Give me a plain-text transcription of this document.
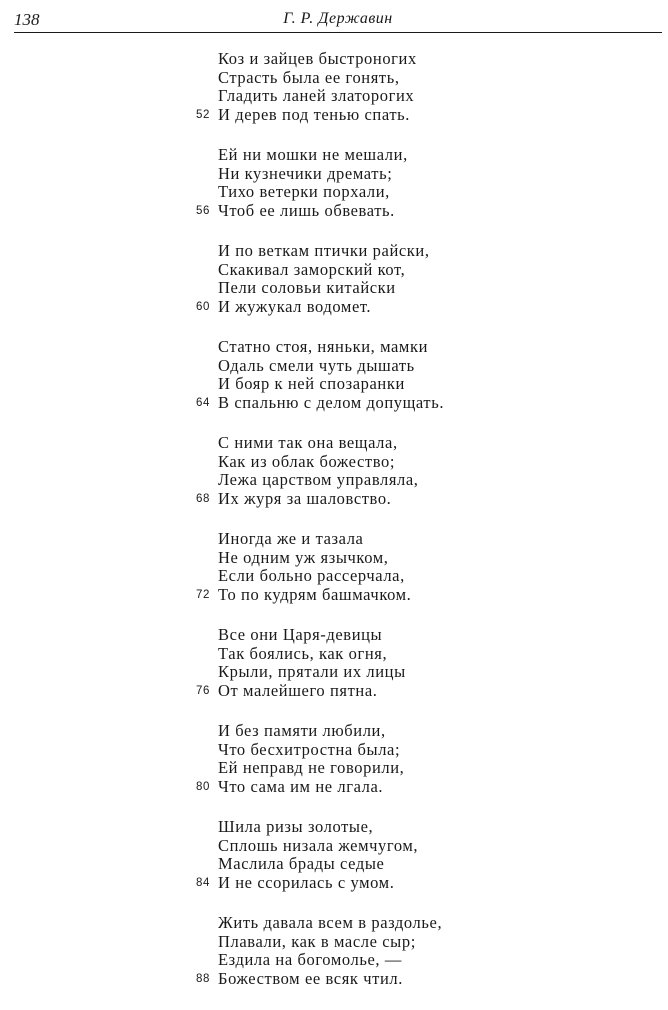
138	Г. Р. Державин
Коз и зайцев быстроногих
Страсть была ее гонять,
Гладить ланей златорогих
И дерев под тенью спать.
52
Ей ни мошки не мешали,
Ни кузнечики дремать;
Тихо ветерки порхали,
Чтоб ее лишь обвевать.
56
И по веткам птички райски,
Скакивал заморский кот,
Пели соловьи китайски
И жужукал водомет.
60
Статно стоя, няньки, мамки
Одаль смели чуть дышать
И бояр к ней спозаранки
В спальню с делом допущать.
64
С ними так она вещала,
Как из облак божество;
Лежа царством управляла,
Их журя за шаловство.
68
Иногда же и тазала
Не одним уж язычком,
Если больно рассерчала,
То по кудрям башмачком.
72
Все они Царя-девицы
Так боялись, как огня,
Крыли, прятали их лицы
От малейшего пятна.
76
И без памяти любили,
Что бесхитростна была;
Ей неправд не говорили,
Что сама им не лгала.
80
Шила ризы золотые,
Сплошь низала жемчугом,
Маслила брады седые
И не ссорилась с умом.
84
Жить давала всем в раздолье,
Плавали, как в масле сыр;
Ездила на богомолье, —
Божеством ее всяк чтил.
88
